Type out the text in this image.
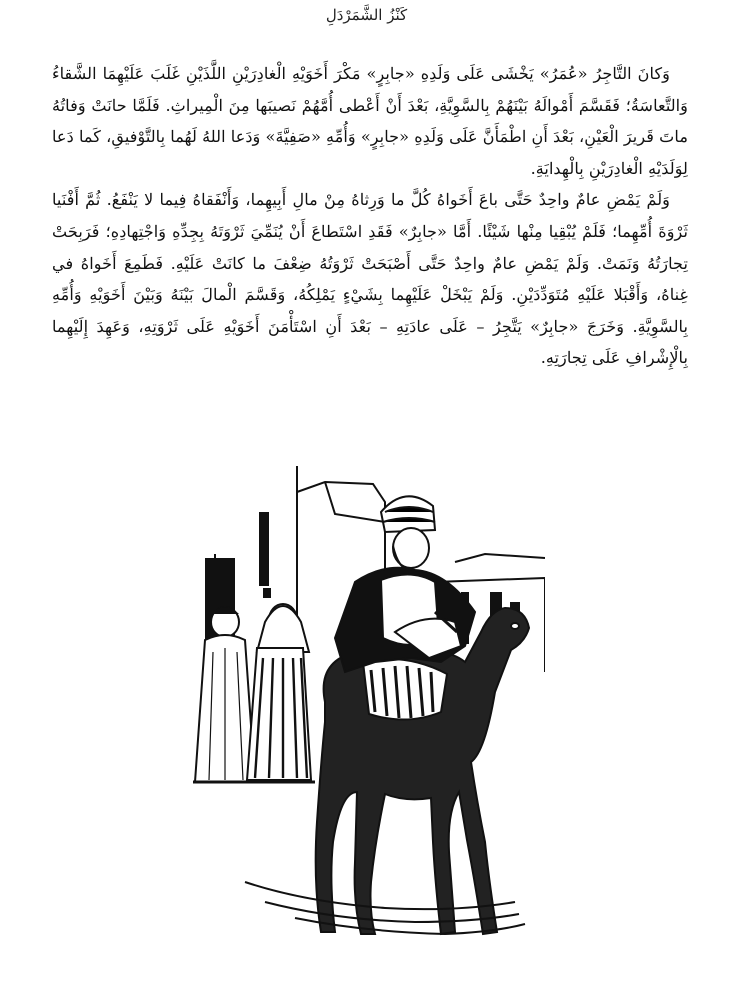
كَنْزُ الشَّمَرْدَلِ

وَكانَ التَّاجِرُ «عُمَرُ» يَخْشَى عَلَى وَلَدِهِ «جابِرٍ» مَكْرَ أَخَوَيْهِ الْغادِرَيْنِ اللَّذَيْنِ غَلَبَ عَلَيْهِمَا الشَّقاءُ وَالتَّعاسَةُ؛ فَقَسَّمَ أَمْوالَهُ بَيْنَهُمْ بِالسَّوِيَّةِ، بَعْدَ أَنْ أَعْطى أُمَّهُمْ نَصيبَها مِنَ الْمِيراثِ. فَلَمَّا حانَتْ وَفاتُهُ ماتَ قَريرَ الْعَيْنِ، بَعْدَ أَنِ اطْمَأَنَّ عَلَى وَلَدِهِ «جابِرٍ» وَأُمِّهِ «صَفِيَّةَ» وَدَعا اللهُ لَهُما بِالتَّوْفيقِ، كَما دَعا لِوَلَدَيْهِ الْغادِرَيْنِ بِالْهِدايَةِ.

وَلَمْ يَمْضِ عامٌ واحِدٌ حَتَّى باعَ أَخَواهُ كُلَّ ما وَرِثاهُ مِنْ مالِ أَبِيهِما، وَأَنْفَقاهُ فِيما لا يَنْفَعُ. ثُمَّ أَفْنَيا ثَرْوَةَ أُمِّهِما؛ فَلَمْ يُبْقِيا مِنْها شَيْئًا. أَمَّا «جابِرٌ» فَقَدِ اسْتَطاعَ أَنْ يُنَمِّيَ ثَرْوَتَهُ بِجِدِّهِ وَاجْتِهادِهِ؛ فَرَبِحَتْ تِجارَتُهُ وَنَمَتْ. وَلَمْ يَمْضِ عامٌ واحِدٌ حَتَّى أَصْبَحَتْ ثَرْوَتُهُ ضِعْفَ ما كانَتْ عَلَيْهِ. فَطَمِعَ أَخَواهُ في غِناهُ، وَأَقْبَلا عَلَيْهِ مُتَوَدِّدَيْنِ. وَلَمْ يَبْخَلْ عَلَيْهِما بِشَيْءٍ يَمْلِكُهُ، وَقَسَّمَ الْمالَ بَيْنَهُ وَبَيْنَ أَخَوَيْهِ وَأُمِّهِ بِالسَّوِيَّةِ. وَخَرَجَ «جابِرٌ» يَتَّجِرُ – عَلَى عادَتِهِ – بَعْدَ أَنِ اسْتَأْمَنَ أَخَوَيْهِ عَلَى ثَرْوَتِهِ، وَعَهِدَ إِلَيْهِما بِالْإِشْرافِ عَلَى تِجارَتِهِ.
